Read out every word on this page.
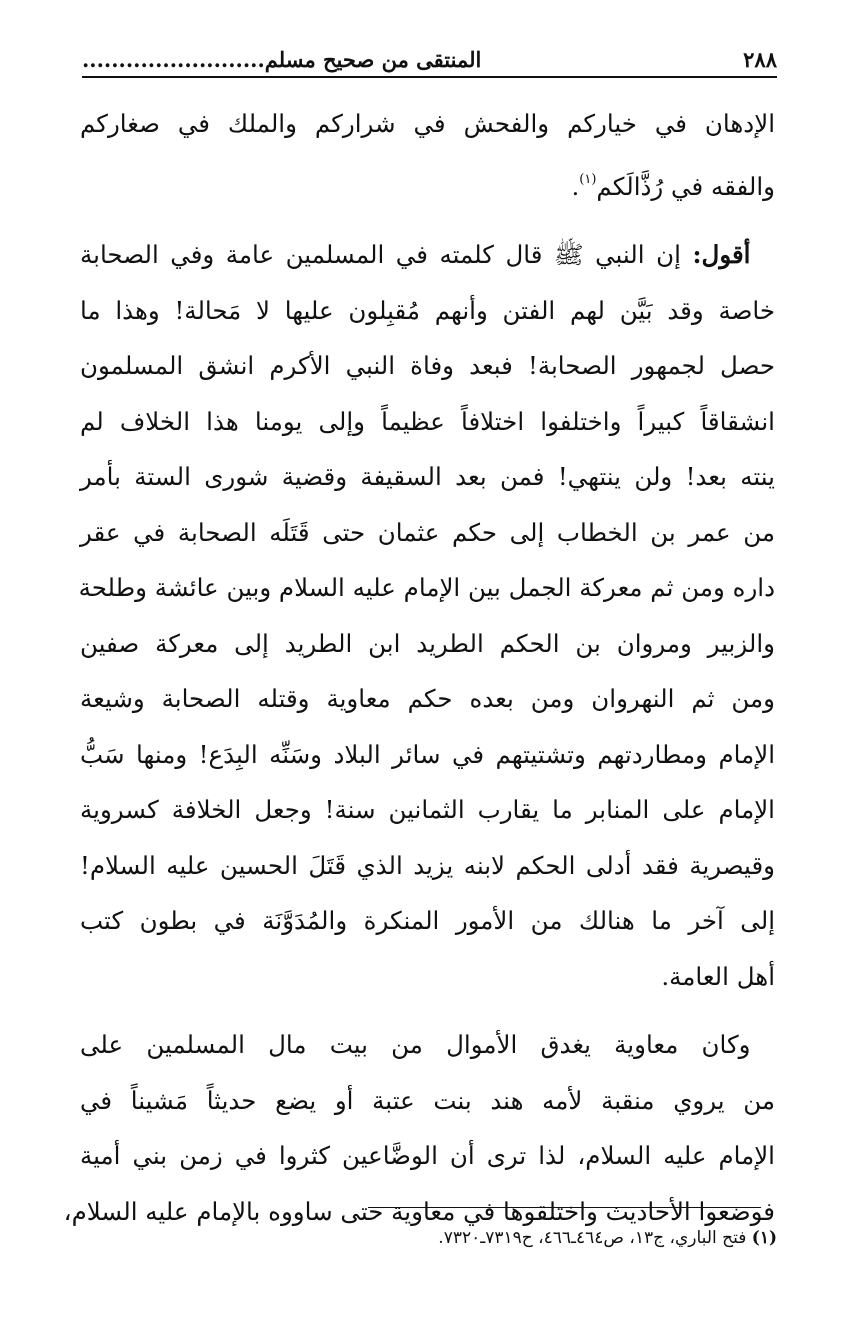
٢٨٨
المنتقى من صحيح مسلم.........................

الإدهان في خياركم والفحش في شراركم والملك في صغاركم
والفقه في رُذَّالَكم$^{(١)}$.

 أقول: إن النبي ﷺ قال كلمته في المسلمين عامة وفي الصحابة
خاصة وقد بَيَّن لهم الفتن وأنهم مُقبِلون عليها لا مَحالة! وهذا ما
حصل لجمهور الصحابة! فبعد وفاة النبي الأكرم انشق المسلمون
انشقاقاً كبيراً واختلفوا اختلافاً عظيماً وإلى يومنا هذا الخلاف لم
ينته بعد! ولن ينتهي! فمن بعد السقيفة وقضية شورى الستة بأمر
من عمر بن الخطاب إلى حكم عثمان حتى قَتَلَه الصحابة في عقر
داره ومن ثم معركة الجمل بين الإمام عليه السلام وبين عائشة وطلحة
والزبير ومروان بن الحكم الطريد ابن الطريد إلى معركة صفين
ومن ثم النهروان ومن بعده حكم معاوية وقتله الصحابة وشيعة
الإمام ومطاردتهم وتشتيتهم في سائر البلاد وسَنِّه البِدَع! ومنها سَبُّ
الإمام على المنابر ما يقارب الثمانين سنة! وجعل الخلافة كسروية
وقيصرية فقد أدلى الحكم لابنه يزيد الذي قَتَلَ الحسين عليه السلام!
إلى آخر ما هنالك من الأمور المنكرة والمُدَوَّنَة في بطون كتب
أهل العامة.

 وكان معاوية يغدق الأموال من بيت مال المسلمين على
من يروي منقبة لأمه هند بنت عتبة أو يضع حديثاً مَشيناً في
الإمام عليه السلام، لذا ترى أن الوضَّاعين كثروا في زمن بني أمية
فوضعوا الأحاديث واختلقوها في معاوية حتى ساووه بالإمام عليه السلام،

(١) فتح الباري، ج١٣، ص٤٦٤ـ٤٦٦، ح٧٣١٩ـ٧٣٢٠.
